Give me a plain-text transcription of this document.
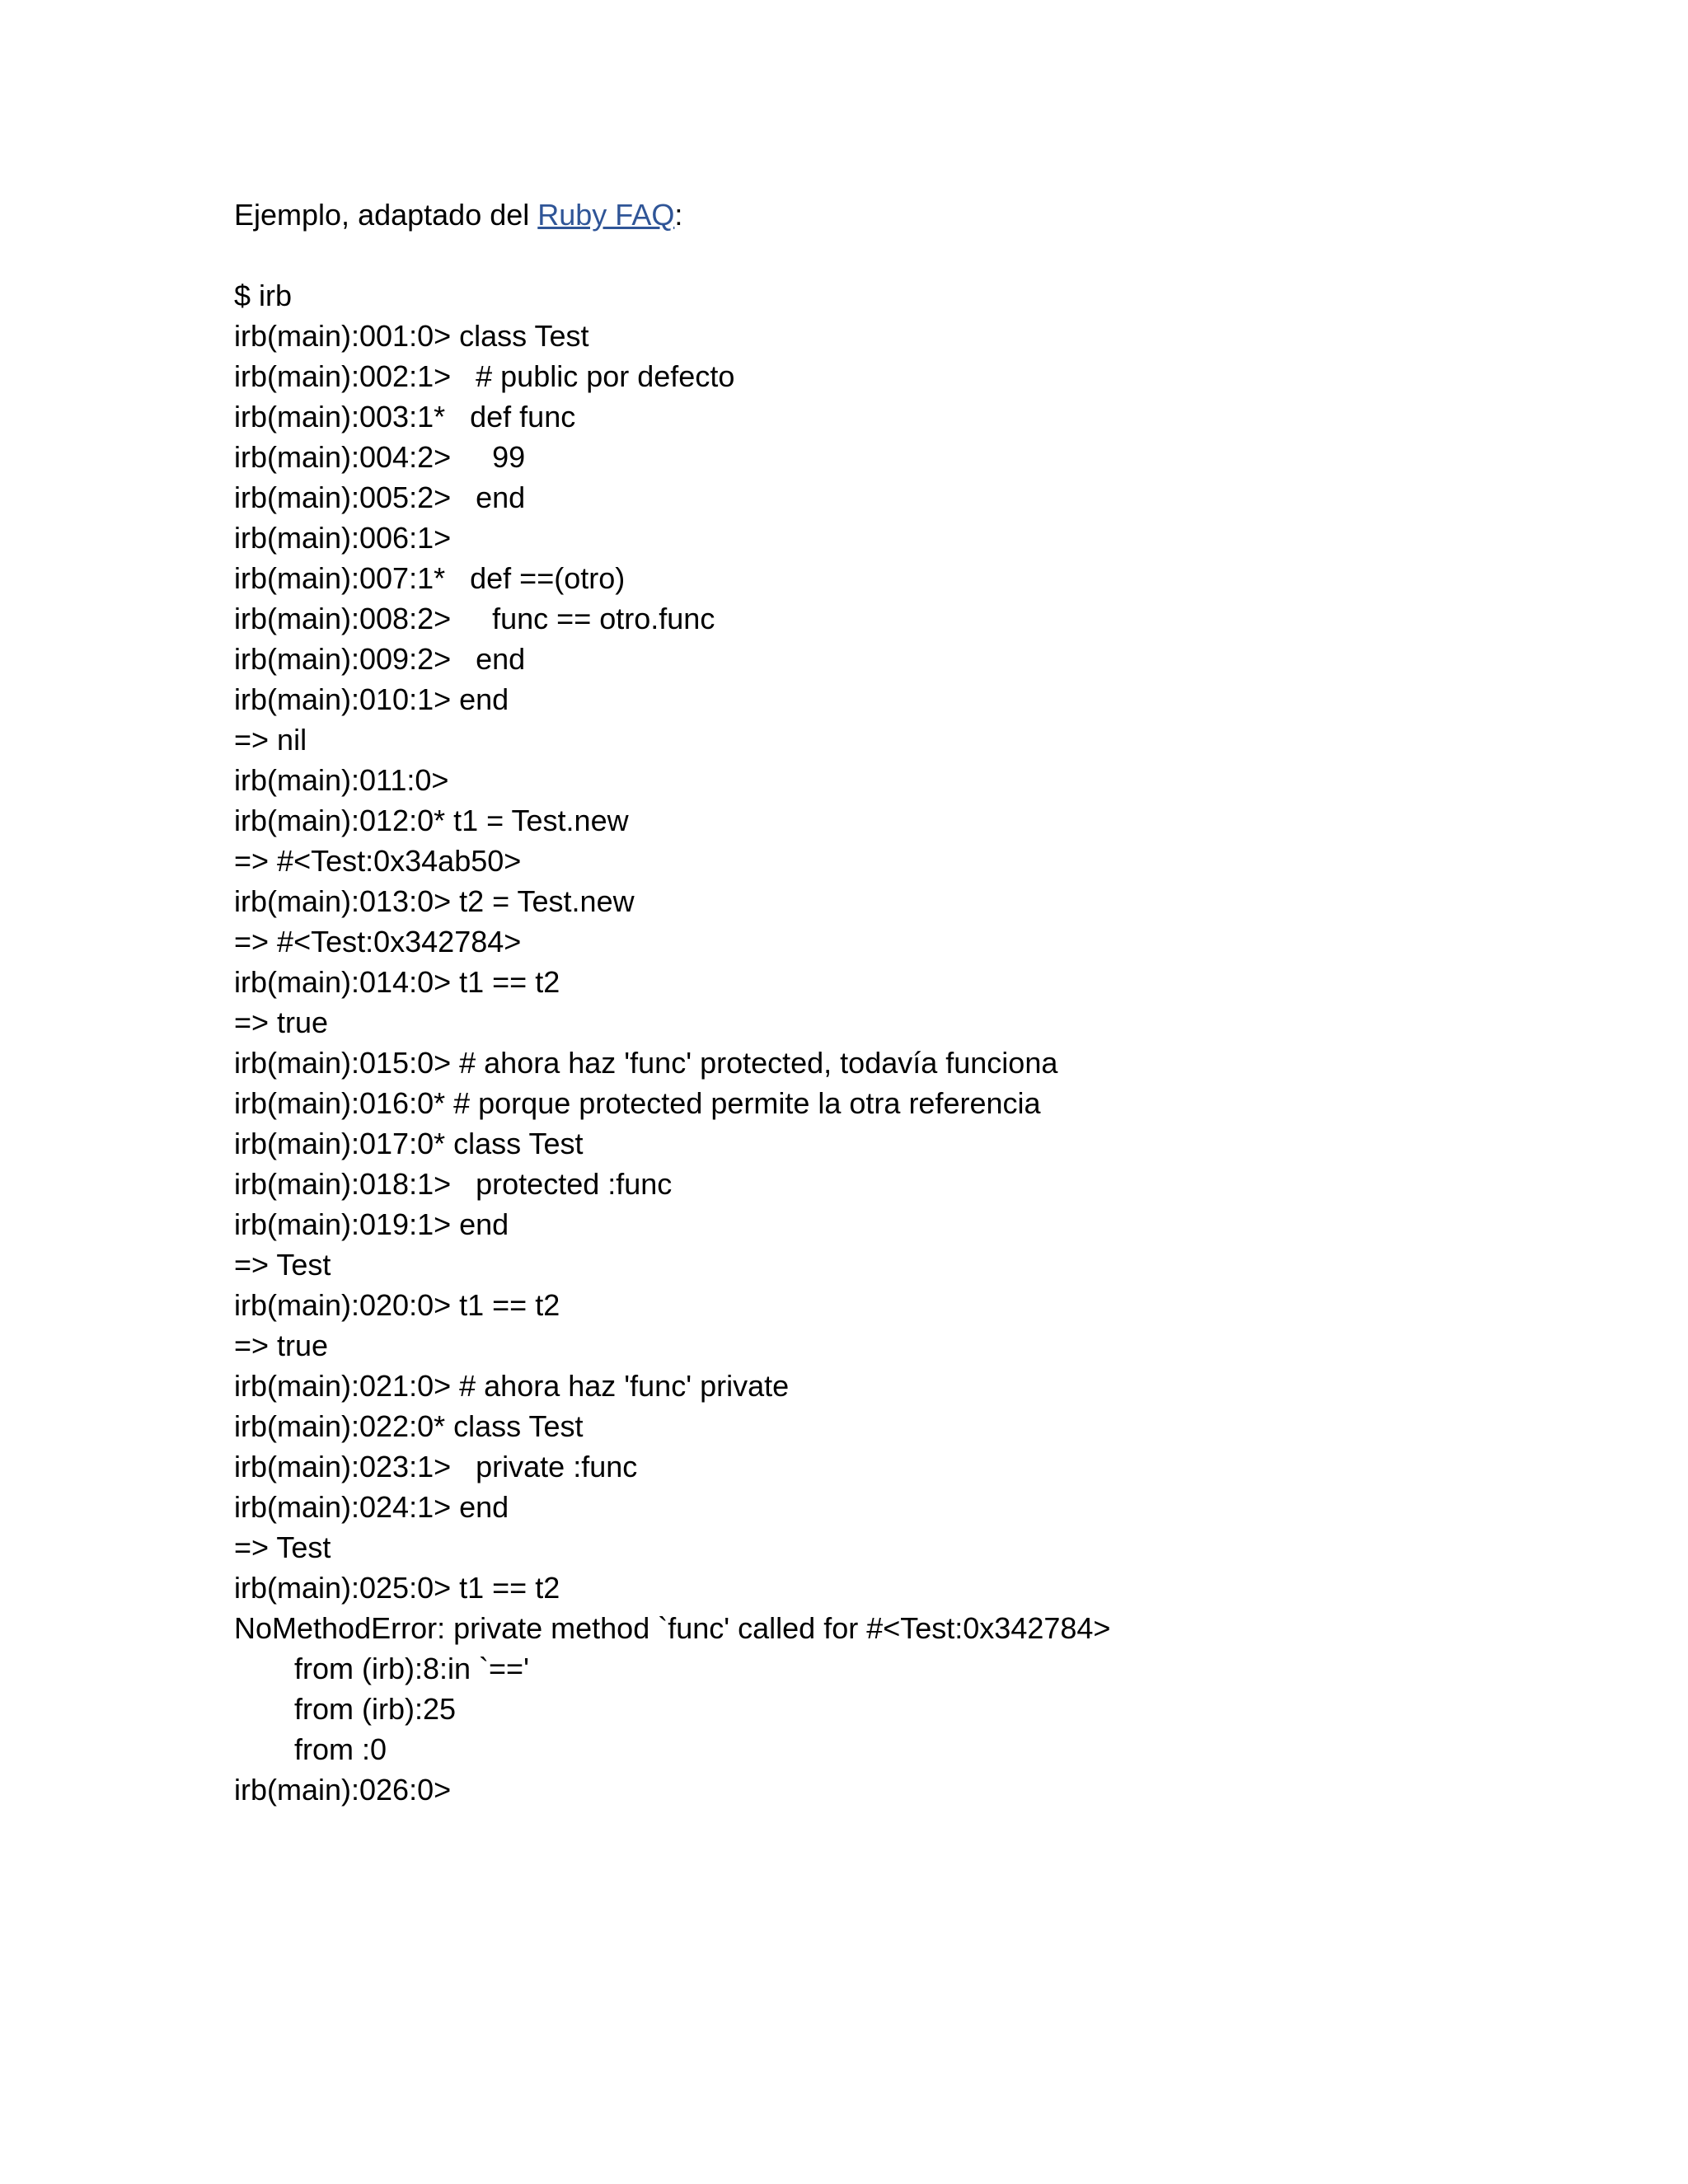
Ejemplo, adaptado del Ruby FAQ:

$ irb
irb(main):001:0> class Test
irb(main):002:1>   # public por defecto
irb(main):003:1*   def func
irb(main):004:2>     99
irb(main):005:2>   end
irb(main):006:1>
irb(main):007:1*   def ==(otro)
irb(main):008:2>     func == otro.func
irb(main):009:2>   end
irb(main):010:1> end
=> nil
irb(main):011:0>
irb(main):012:0* t1 = Test.new
=> #<Test:0x34ab50>
irb(main):013:0> t2 = Test.new
=> #<Test:0x342784>
irb(main):014:0> t1 == t2
=> true
irb(main):015:0> # ahora haz 'func' protected, todavía funciona
irb(main):016:0* # porque protected permite la otra referencia
irb(main):017:0* class Test
irb(main):018:1>   protected :func
irb(main):019:1> end
=> Test
irb(main):020:0> t1 == t2
=> true
irb(main):021:0> # ahora haz 'func' private
irb(main):022:0* class Test
irb(main):023:1>   private :func
irb(main):024:1> end
=> Test
irb(main):025:0> t1 == t2
NoMethodError: private method `func' called for #<Test:0x342784>
from (irb):8:in `=='
from (irb):25
from :0
irb(main):026:0>
